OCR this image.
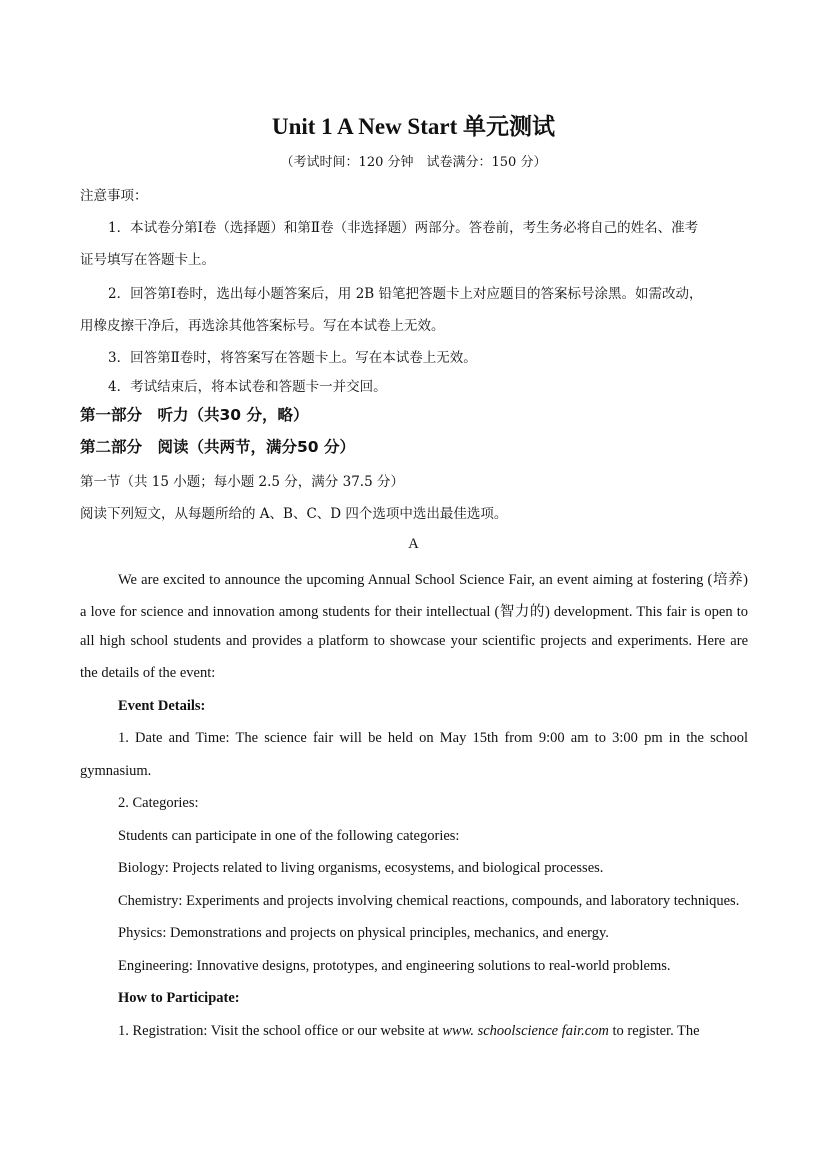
Unit 1 A New Start 单元测试
（考试时间：120 分钟　试卷满分：150 分）
注意事项：
1．本试卷分第Ⅰ卷（选择题）和第Ⅱ卷（非选择题）两部分。答卷前，考生务必将自己的姓名、准考
证号填写在答题卡上。
2．回答第Ⅰ卷时，选出每小题答案后，用 2B 铅笔把答题卡上对应题目的答案标号涂黑。如需改动，
用橡皮擦干净后，再选涂其他答案标号。写在本试卷上无效。
3．回答第Ⅱ卷时，将答案写在答题卡上。写在本试卷上无效。
4．考试结束后，将本试卷和答题卡一并交回。
第一部分　听力（共30 分，略）
第二部分　阅读（共两节，满分50 分）
第一节（共 15 小题；每小题 2.5 分，满分 37.5 分）
阅读下列短文，从每题所给的 A、B、C、D 四个选项中选出最佳选项。
A
We are excited to announce the upcoming Annual School Science Fair, an event aiming at fostering (培养)
a love for science and innovation among students for their intellectual (智力的) development. This fair is open to
all high school students and provides a platform to showcase your scientific projects and experiments. Here are
the details of the event:
Event Details:
1. Date and Time: The science fair will be held on May 15th from 9:00 am to 3:00 pm in the school
gymnasium.
2. Categories:
Students can participate in one of the following categories:
Biology: Projects related to living organisms, ecosystems, and biological processes.
Chemistry: Experiments and projects involving chemical reactions, compounds, and laboratory techniques.
Physics: Demonstrations and projects on physical principles, mechanics, and energy.
Engineering: Innovative designs, prototypes, and engineering solutions to real-world problems.
How to Participate:
1. Registration: Visit the school office or our website at www. schoolscience fair.com to register. The
